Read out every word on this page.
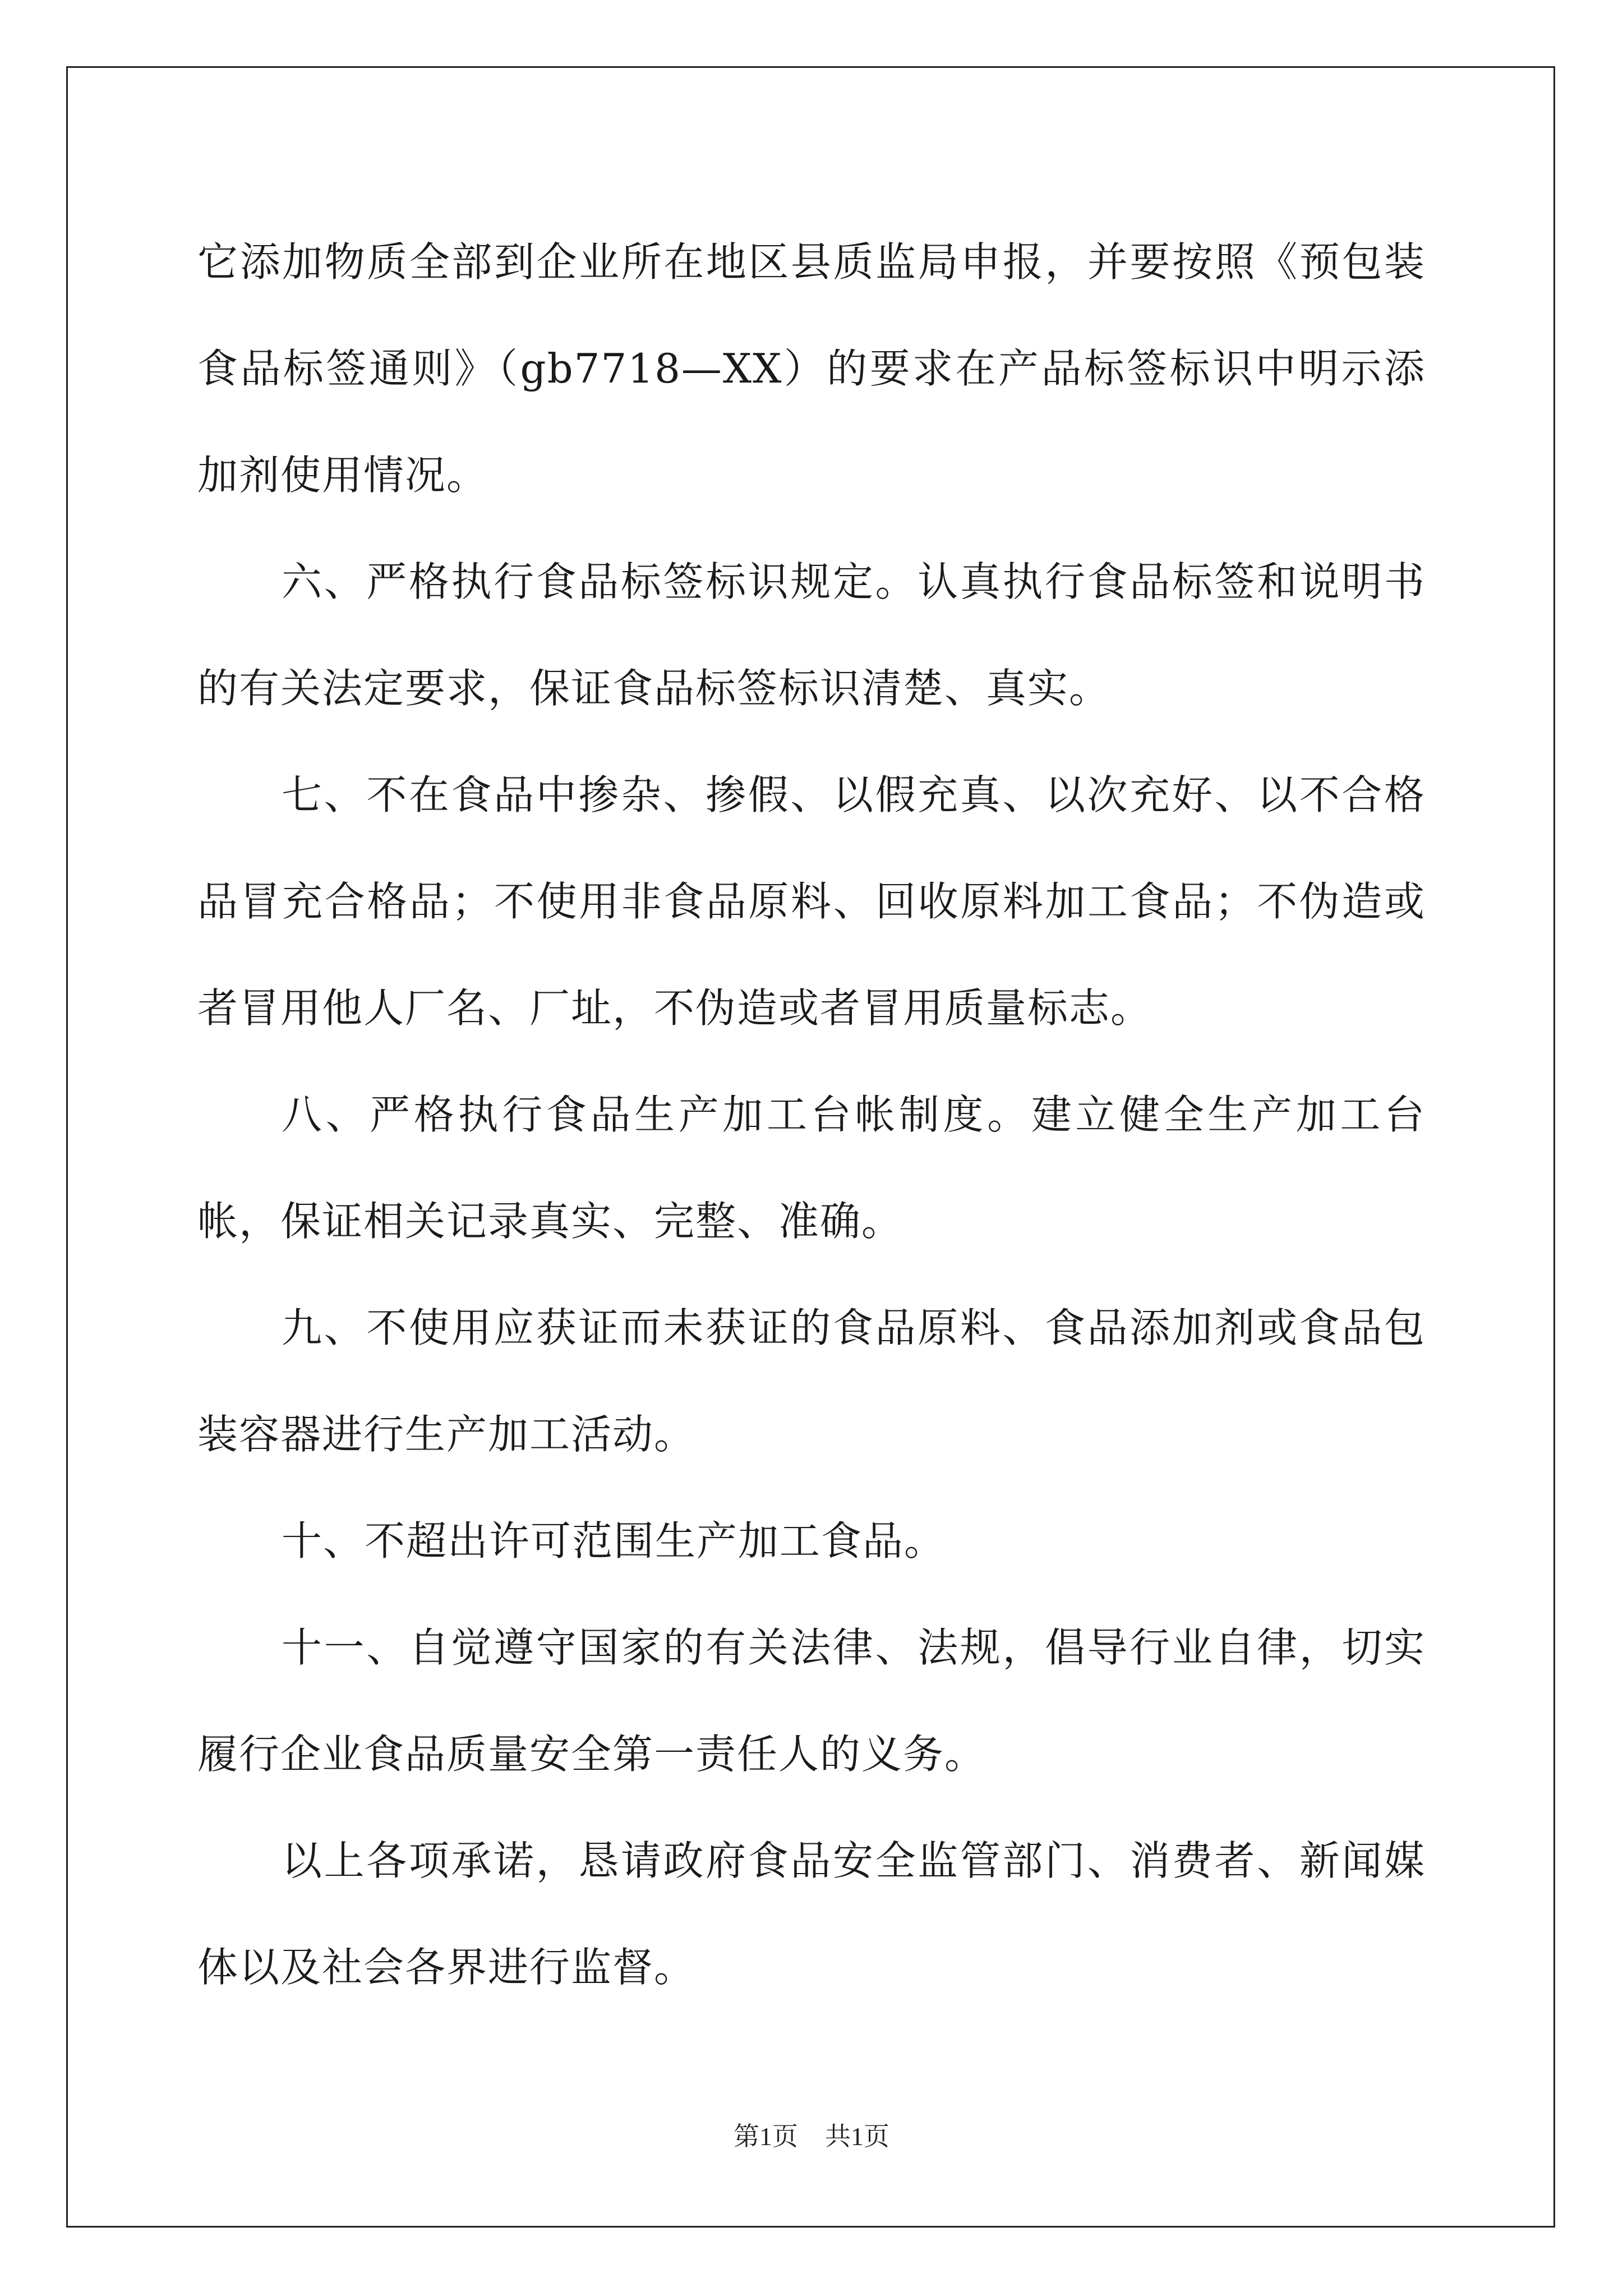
它添加物质全部到企业所在地区县质监局申报，并要按照《预包装食品标签通则》（gb7718—XX）的要求在产品标签标识中明示添加剂使用情况。

六、严格执行食品标签标识规定。认真执行食品标签和说明书的有关法定要求，保证食品标签标识清楚、真实。

七、不在食品中掺杂、掺假、以假充真、以次充好、以不合格品冒充合格品；不使用非食品原料、回收原料加工食品；不伪造或者冒用他人厂名、厂址，不伪造或者冒用质量标志。

八、严格执行食品生产加工台帐制度。建立健全生产加工台帐，保证相关记录真实、完整、准确。

九、不使用应获证而未获证的食品原料、食品添加剂或食品包装容器进行生产加工活动。

十、不超出许可范围生产加工食品。

十一、自觉遵守国家的有关法律、法规，倡导行业自律，切实履行企业食品质量安全第一责任人的义务。

以上各项承诺，恳请政府食品安全监管部门、消费者、新闻媒体以及社会各界进行监督。

第1页 共1页
